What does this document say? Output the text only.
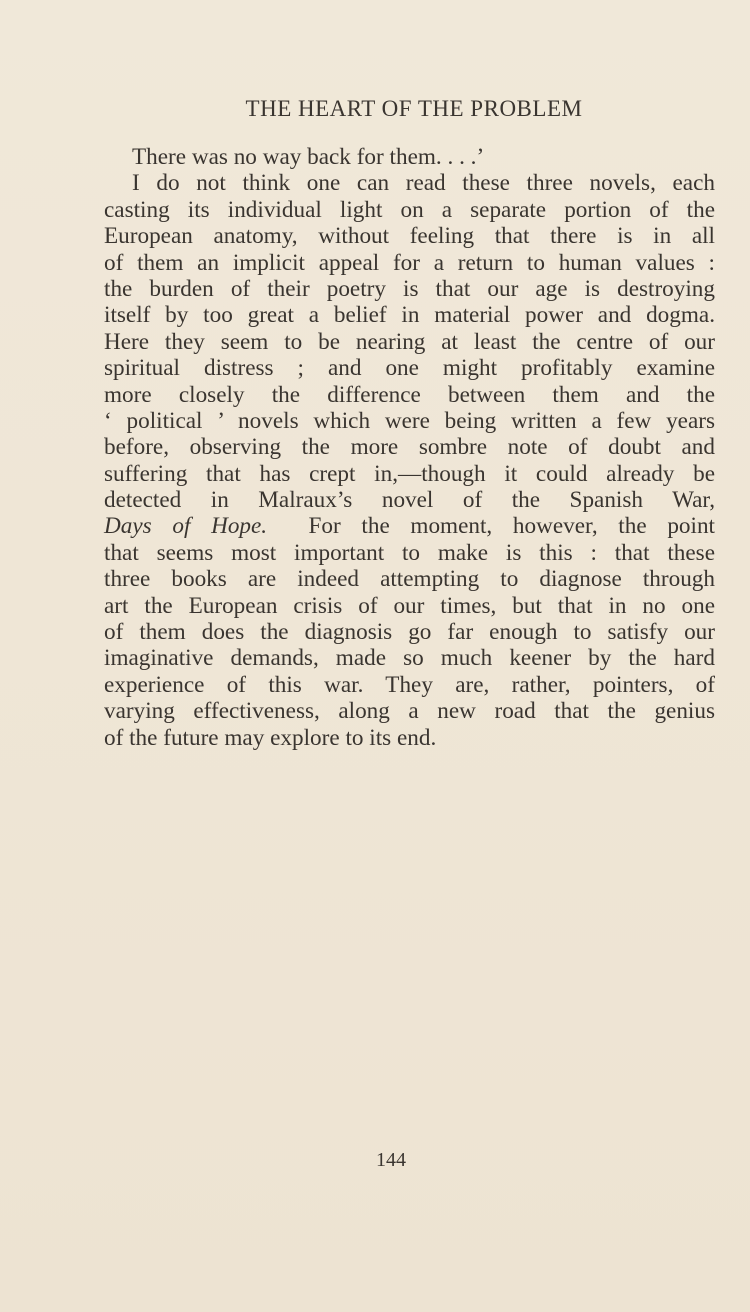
THE HEART OF THE PROBLEM
There was no way back for them. . . .’
I do not think one can read these three novels, each
casting its individual light on a separate portion of the
European anatomy, without feeling that there is in all
of them an implicit appeal for a return to human values :
the burden of their poetry is that our age is destroying
itself by too great a belief in material power and dogma.
Here they seem to be nearing at least the centre of our
spiritual distress ; and one might profitably examine
more closely the difference between them and the
‘ political ’ novels which were being written a few years
before, observing the more sombre note of doubt and
suffering that has crept in,—though it could already be
detected in Malraux’s novel of the Spanish War,
Days of Hope. For the moment, however, the point
that seems most important to make is this : that these
three books are indeed attempting to diagnose through
art the European crisis of our times, but that in no one
of them does the diagnosis go far enough to satisfy our
imaginative demands, made so much keener by the hard
experience of this war. They are, rather, pointers, of
varying effectiveness, along a new road that the genius
of the future may explore to its end.
144
